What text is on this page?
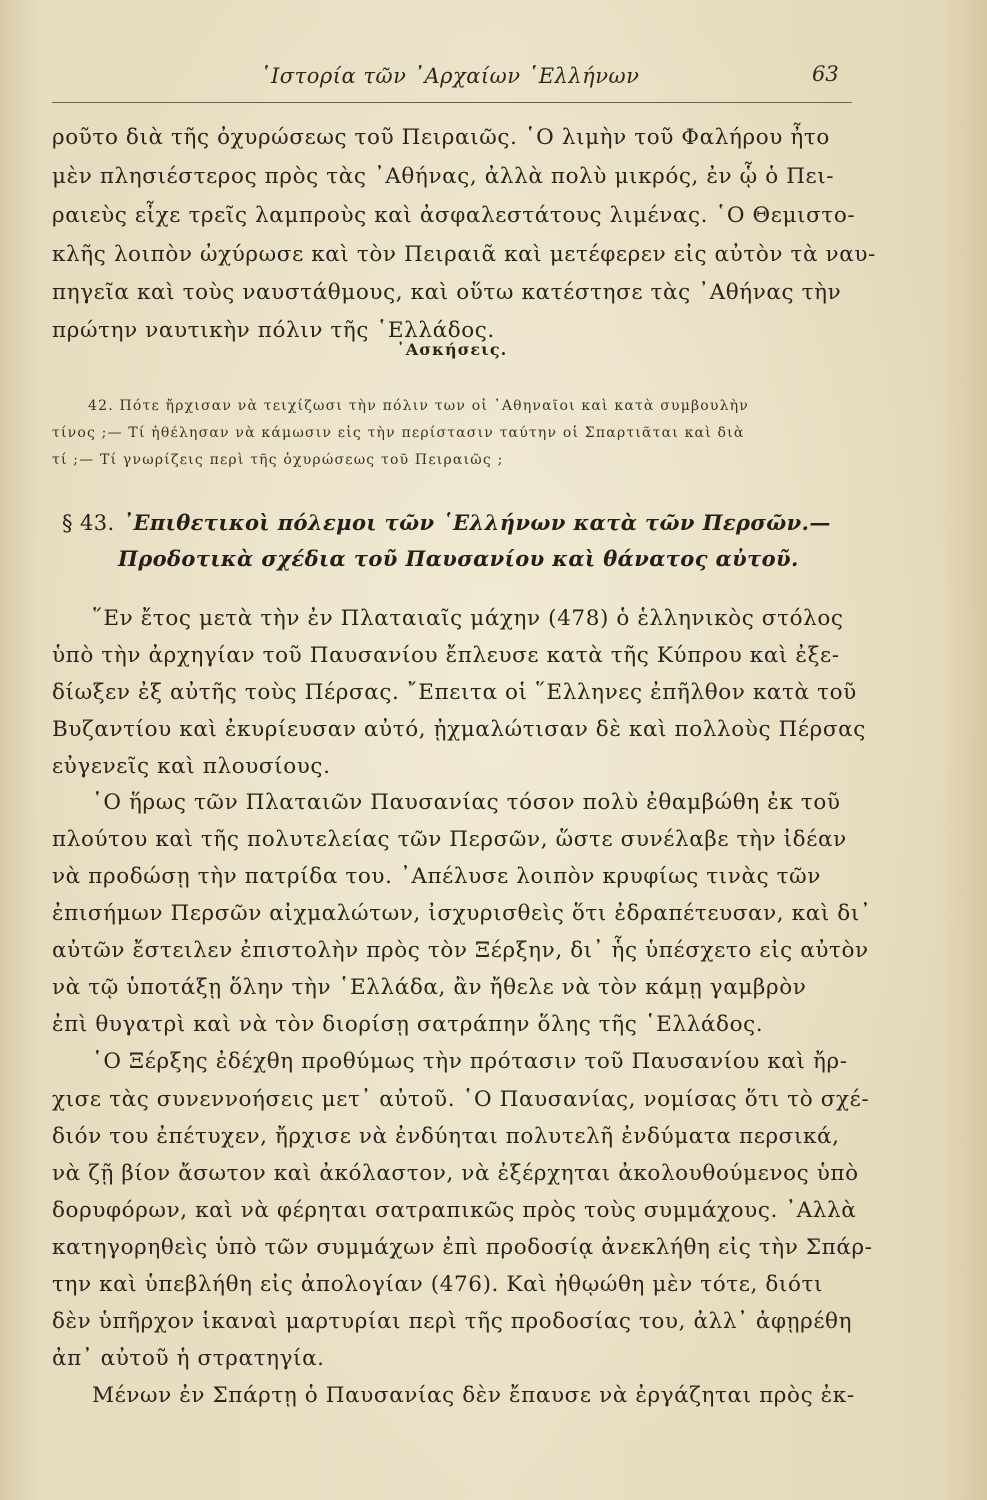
῾Ιστορία τῶν ᾽Αρχαίων ῾Ελλήνων	63
ροῦτο διὰ τῆς ὀχυρώσεως τοῦ Πειραιῶς. ῾Ο λιμὴν τοῦ Φαλήρου ἦτο
μὲν πλησιέστερος πρὸς τὰς ᾽Αθήνας, ἀλλὰ πολὺ μικρός, ἐν ᾧ ὁ Πει-
ραιεὺς εἶχε τρεῖς λαμπροὺς καὶ ἀσφαλεστάτους λιμένας. ῾Ο Θεμιστο-
κλῆς λοιπὸν ὠχύρωσε καὶ τὸν Πειραιᾶ καὶ μετέφερεν εἰς αὐτὸν τὰ ναυ-
πηγεῖα καὶ τοὺς ναυστάθμους, καὶ οὕτω κατέστησε τὰς ᾽Αθήνας τὴν
πρώτην ναυτικὴν πόλιν τῆς ῾Ελλάδος.
᾽Ασκήσεις.
42. Πότε ἤρχισαν νὰ τειχίζωσι τὴν πόλιν των οἱ ᾽Αθηναῖοι καὶ κατὰ συμβουλὴν
τίνος ;— Τί ἠθέλησαν νὰ κάμωσιν εἰς τὴν περίστασιν ταύτην οἱ Σπαρτιᾶται καὶ διὰ
τί ;— Τί γνωρίζεις περὶ τῆς ὀχυρώσεως τοῦ Πειραιῶς ;
§ 43. ᾽Επιθετικοὶ πόλεμοι τῶν ῾Ελλήνων κατὰ τῶν Περσῶν.—
Προδοτικὰ σχέδια τοῦ Παυσανίου καὶ θάνατος αὐτοῦ.
῞Εν ἔτος μετὰ τὴν ἐν Πλαταιαῖς μάχην (478) ὁ ἑλληνικὸς στόλος
ὑπὸ τὴν ἀρχηγίαν τοῦ Παυσανίου ἔπλευσε κατὰ τῆς Κύπρου καὶ ἐξε-
δίωξεν ἐξ αὐτῆς τοὺς Πέρσας. ῎Επειτα οἱ ῞Ελληνες ἐπῆλθον κατὰ τοῦ
Βυζαντίου καὶ ἐκυρίευσαν αὐτό, ᾐχμαλώτισαν δὲ καὶ πολλοὺς Πέρσας
εὐγενεῖς καὶ πλουσίους.
῾Ο ἥρως τῶν Πλαταιῶν Παυσανίας τόσον πολὺ ἐθαμβώθη ἐκ τοῦ
πλούτου καὶ τῆς πολυτελείας τῶν Περσῶν, ὥστε συνέλαβε τὴν ἰδέαν
νὰ προδώσῃ τὴν πατρίδα του. ᾽Απέλυσε λοιπὸν κρυφίως τινὰς τῶν
ἐπισήμων Περσῶν αἰχμαλώτων, ἰσχυρισθεὶς ὅτι ἐδραπέτευσαν, καὶ δι᾽
αὐτῶν ἔστειλεν ἐπιστολὴν πρὸς τὸν Ξέρξην, δι᾽ ἧς ὑπέσχετο εἰς αὐτὸν
νὰ τῷ ὑποτάξῃ ὅλην τὴν ῾Ελλάδα, ἂν ἤθελε νὰ τὸν κάμῃ γαμβρὸν
ἐπὶ θυγατρὶ καὶ νὰ τὸν διορίσῃ σατράπην ὅλης τῆς ῾Ελλάδος.
῾Ο Ξέρξης ἐδέχθη προθύμως τὴν πρότασιν τοῦ Παυσανίου καὶ ἤρ-
χισε τὰς συνεννοήσεις μετ᾽ αὐτοῦ. ῾Ο Παυσανίας, νομίσας ὅτι τὸ σχέ-
διόν του ἐπέτυχεν, ἤρχισε νὰ ἐνδύηται πολυτελῆ ἐνδύματα περσικά,
νὰ ζῇ βίον ἄσωτον καὶ ἀκόλαστον, νὰ ἐξέρχηται ἀκολουθούμενος ὑπὸ
δορυφόρων, καὶ νὰ φέρηται σατραπικῶς πρὸς τοὺς συμμάχους. ᾽Αλλὰ
κατηγορηθεὶς ὑπὸ τῶν συμμάχων ἐπὶ προδοσίᾳ ἀνεκλήθη εἰς τὴν Σπάρ-
την καὶ ὑπεβλήθη εἰς ἀπολογίαν (476). Καὶ ἠθῳώθη μὲν τότε, διότι
δὲν ὑπῆρχον ἱκαναὶ μαρτυρίαι περὶ τῆς προδοσίας του, ἀλλ᾽ ἀφῃρέθη
ἀπ᾽ αὐτοῦ ἡ στρατηγία.
Μένων ἐν Σπάρτῃ ὁ Παυσανίας δὲν ἔπαυσε νὰ ἐργάζηται πρὸς ἐκ-
